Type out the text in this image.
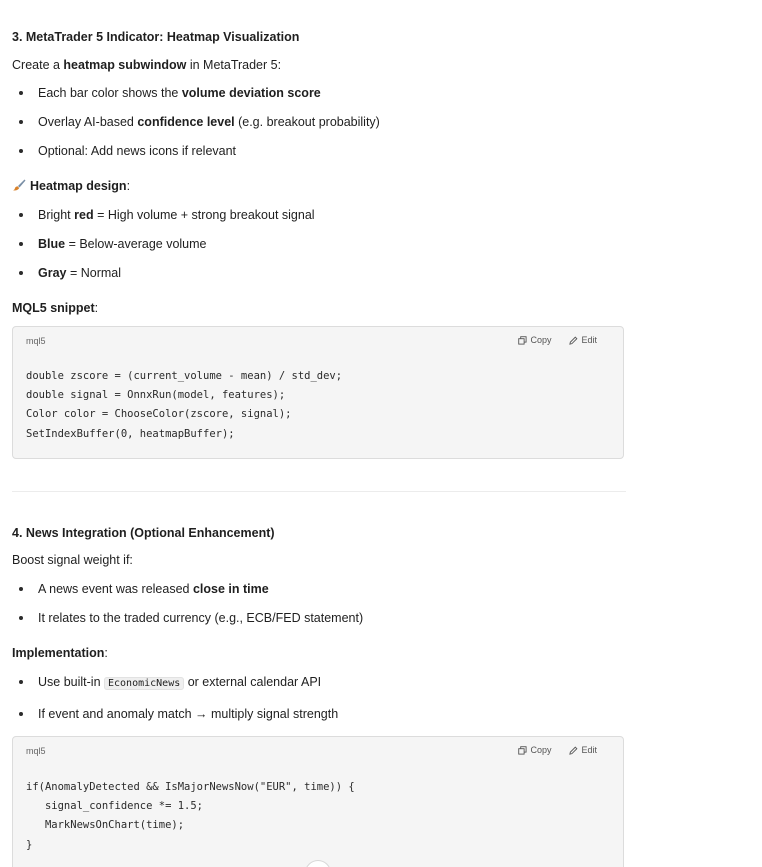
3. MetaTrader 5 Indicator: Heatmap Visualization
Create a heatmap subwindow in MetaTrader 5:
Each bar color shows the volume deviation score
Overlay AI-based confidence level (e.g. breakout probability)
Optional: Add news icons if relevant
Heatmap design:
Bright red = High volume + strong breakout signal
Blue = Below-average volume
Gray = Normal
MQL5 snippet:
mql5	Copy	Edit
double zscore = (current_volume - mean) / std_dev;
double signal = OnnxRun(model, features);
Color color = ChooseColor(zscore, signal);
SetIndexBuffer(0, heatmapBuffer);
4. News Integration (Optional Enhancement)
Boost signal weight if:
A news event was released close in time
It relates to the traded currency (e.g., ECB/FED statement)
Implementation:
Use built-in EconomicNews or external calendar API
If event and anomaly match → multiply signal strength
mql5	Copy	Edit
if(AnomalyDetected && IsMajorNewsNow("EUR", time)) {
signal_confidence *= 1.5;
MarkNewsOnChart(time);
}
